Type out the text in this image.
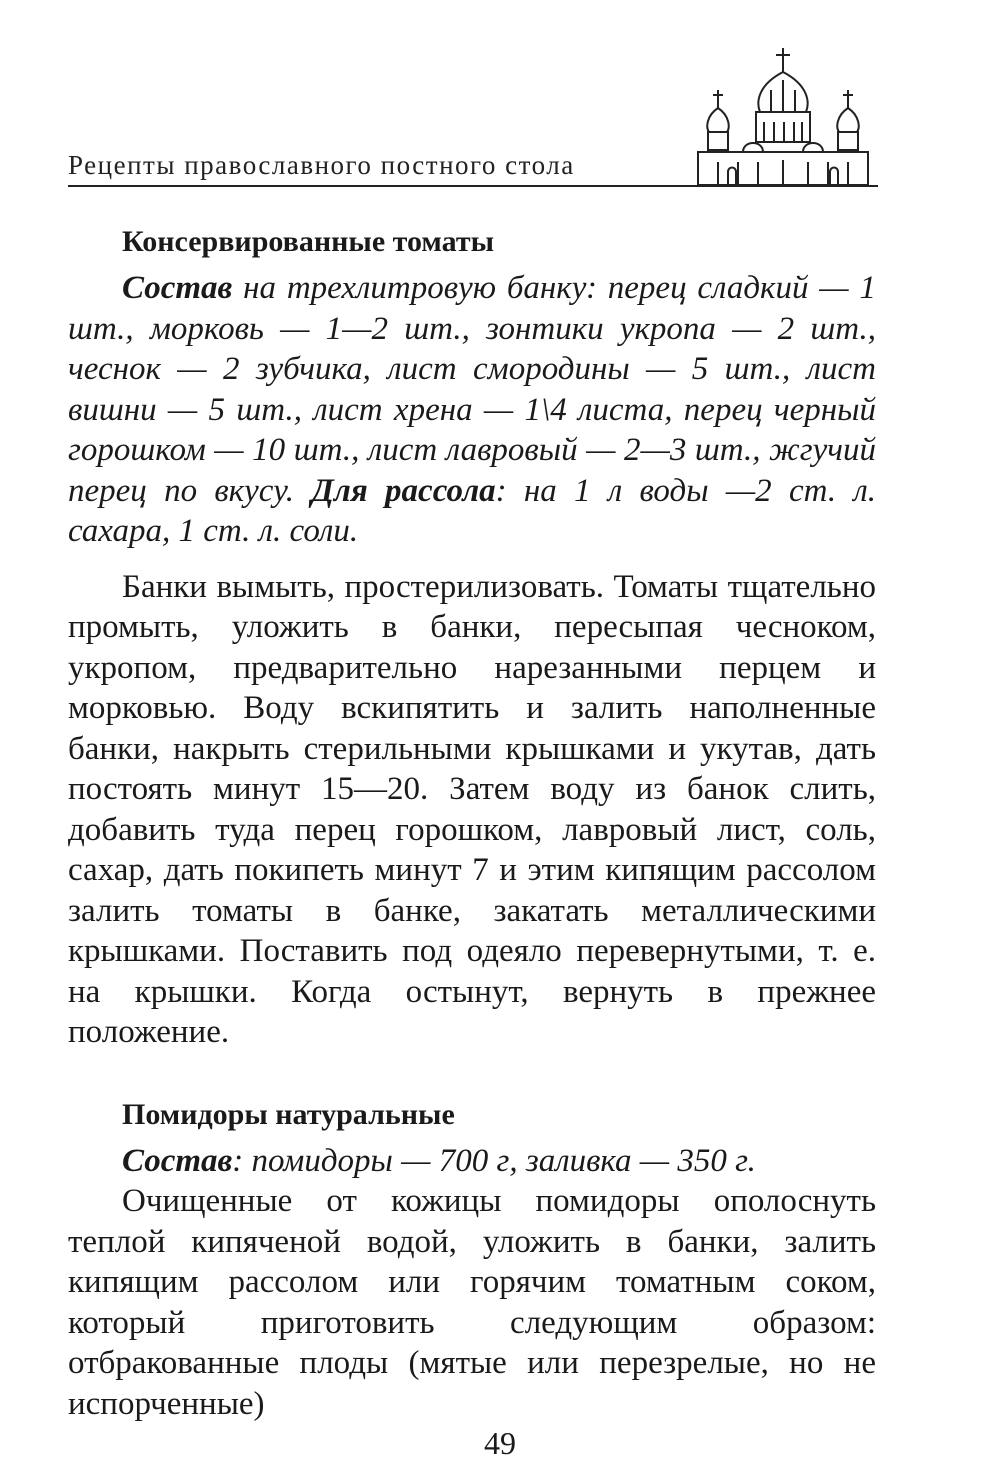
Рецепты православного постного стола
Консервированные томаты

Состав на трехлитровую банку: перец сладкий — 1 шт., морковь — 1—2 шт., зонтики укропа — 2 шт., чеснок — 2 зубчика, лист смородины — 5 шт., лист вишни — 5 шт., лист хрена — 1\4 листа, перец черный горошком — 10 шт., лист лавровый — 2—3 шт., жгучий перец по вкусу. Для рассола: на 1 л воды —2 ст. л. сахара, 1 ст. л. соли.

Банки вымыть, простерилизовать. Томаты тщательно промыть, уложить в банки, пересыпая чесноком, укропом, предварительно нарезанными перцем и морковью. Воду вскипятить и залить наполненные банки, накрыть стерильными крышками и укутав, дать постоять минут 15—20. Затем воду из банок слить, добавить туда перец горошком, лавровый лист, соль, сахар, дать покипеть минут 7 и этим кипящим рассолом залить томаты в банке, закатать металлическими крышками. Поставить под одеяло перевернутыми, т. е. на крышки. Когда остынут, вернуть в прежнее положение.

Помидоры натуральные

Состав: помидоры — 700 г, заливка — 350 г.

Очищенные от кожицы помидоры ополоснуть теплой кипяченой водой, уложить в банки, залить кипящим рассолом или горячим томатным соком, который приготовить следующим образом: отбракованные плоды (мятые или перезрелые, но не испорченные)

49
